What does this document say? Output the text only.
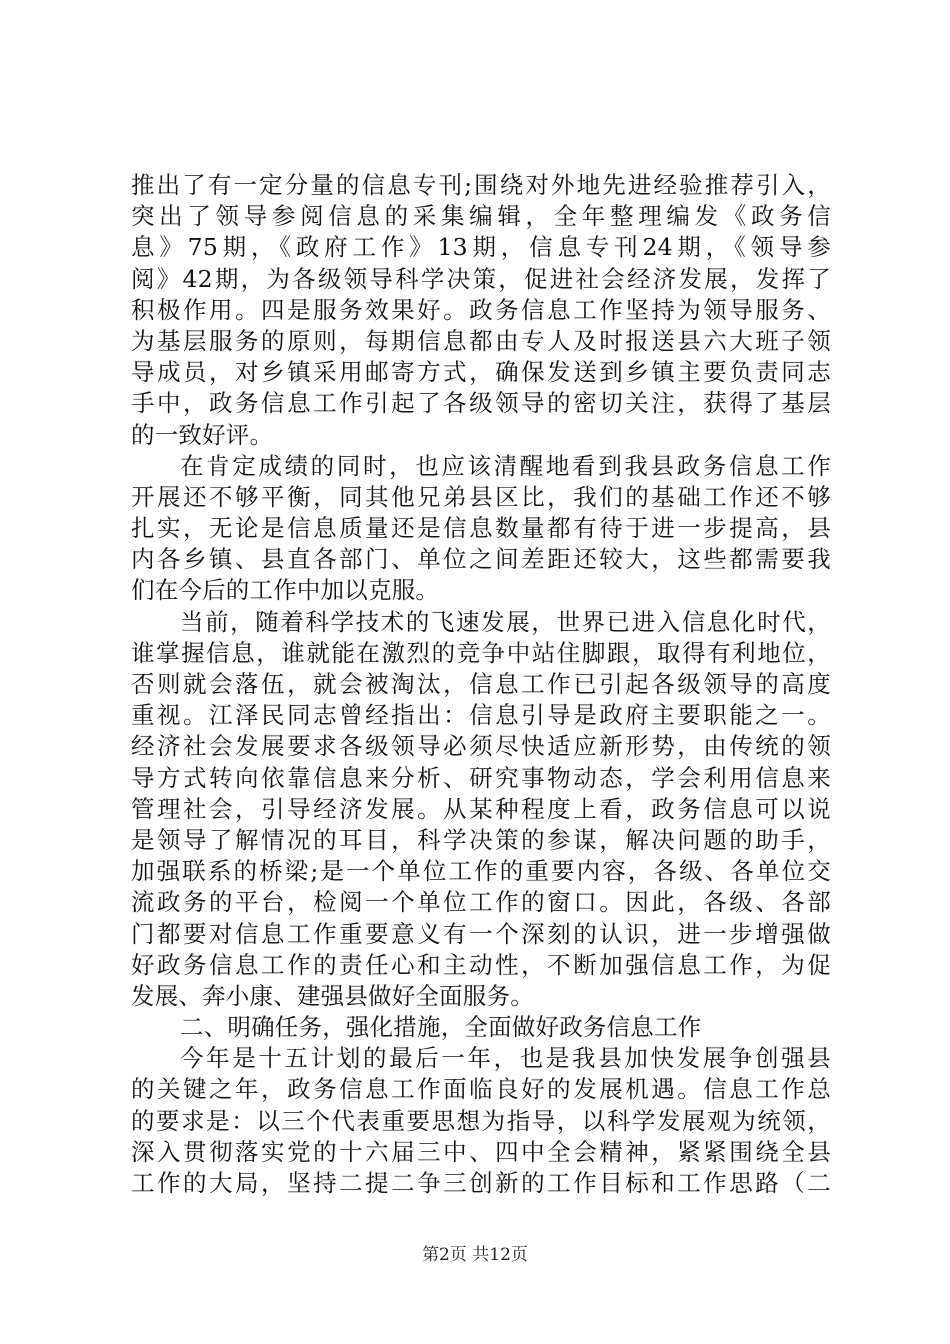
推出了有一定分量的信息专刊;围绕对外地先进经验推荐引入，
突出了领导参阅信息的采集编辑，全年整理编发《政务信
息》75期，《政府工作》13期，信息专刊24期，《领导参
阅》42期，为各级领导科学决策，促进社会经济发展，发挥了
积极作用。四是服务效果好。政务信息工作坚持为领导服务、
为基层服务的原则，每期信息都由专人及时报送县六大班子领
导成员，对乡镇采用邮寄方式，确保发送到乡镇主要负责同志
手中，政务信息工作引起了各级领导的密切关注，获得了基层
的一致好评。
在肯定成绩的同时，也应该清醒地看到我县政务信息工作
开展还不够平衡，同其他兄弟县区比，我们的基础工作还不够
扎实，无论是信息质量还是信息数量都有待于进一步提高，县
内各乡镇、县直各部门、单位之间差距还较大，这些都需要我
们在今后的工作中加以克服。
当前，随着科学技术的飞速发展，世界已进入信息化时代，
谁掌握信息，谁就能在激烈的竞争中站住脚跟，取得有利地位，
否则就会落伍，就会被淘汰，信息工作已引起各级领导的高度
重视。江泽民同志曾经指出：信息引导是政府主要职能之一。
经济社会发展要求各级领导必须尽快适应新形势，由传统的领
导方式转向依靠信息来分析、研究事物动态，学会利用信息来
管理社会，引导经济发展。从某种程度上看，政务信息可以说
是领导了解情况的耳目，科学决策的参谋，解决问题的助手，
加强联系的桥梁;是一个单位工作的重要内容，各级、各单位交
流政务的平台，检阅一个单位工作的窗口。因此，各级、各部
门都要对信息工作重要意义有一个深刻的认识，进一步增强做
好政务信息工作的责任心和主动性，不断加强信息工作，为促
发展、奔小康、建强县做好全面服务。
二、明确任务，强化措施，全面做好政务信息工作
今年是十五计划的最后一年，也是我县加快发展争创强县
的关键之年，政务信息工作面临良好的发展机遇。信息工作总
的要求是：以三个代表重要思想为指导，以科学发展观为统领，
深入贯彻落实党的十六届三中、四中全会精神，紧紧围绕全县
工作的大局，坚持二提二争三创新的工作目标和工作思路（二
第2页 共12页
